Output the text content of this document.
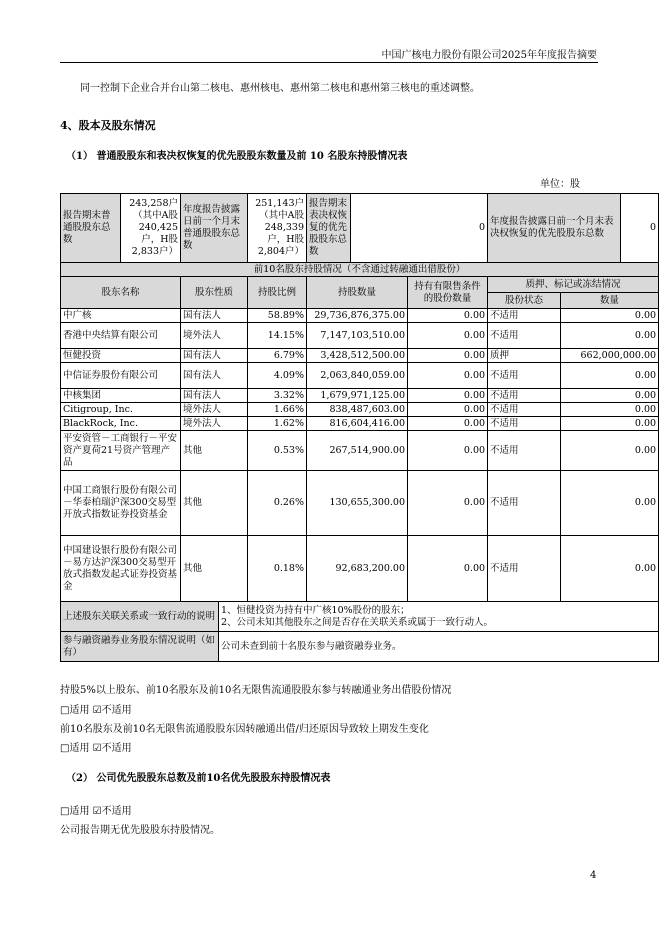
中国广核电力股份有限公司2025年年度报告摘要
同一控制下企业合并台山第二核电、惠州核电、惠州第二核电和惠州第三核电的重述调整。
4、股本及股东情况
（1） 普通股股东和表决权恢复的优先股股东数量及前 10 名股东持股情况表
单位：股
报告期末普通股股东总数	243,258户（其中A股240,425户，H股2,833户）	年度报告披露日前一个月末普通股股东总数		251,143户（其中A股248,339户，H股2,804户）	报告期末表决权恢复的优先股股东总数	0		年度报告披露日前一个月末表决权恢复的优先股股东总数		0
前10名股东持股情况（不含通过转融通出借股份）										
股东名称		股东性质		持股比例	持股数量		持有有限售条件的股份数量	质押、标记或冻结情况		
								股份状态	数量	
中广核		国有法人		58.89%	29,736,876,375.00		0.00	不适用	0.00	
香港中央结算有限公司		境外法人		14.15%	7,147,103,510.00		0.00	不适用	0.00	
恒健投资		国有法人		6.79%	3,428,512,500.00		0.00	质押	662,000,000.00	
中信证券股份有限公司		国有法人		4.09%	2,063,840,059.00		0.00	不适用	0.00	
中核集团		国有法人		3.32%	1,679,971,125.00		0.00	不适用	0.00	
Citigroup, Inc.		境外法人		1.66%	838,487,603.00		0.00	不适用	0.00	
BlackRock, Inc.		境外法人		1.62%	816,604,416.00		0.00	不适用	0.00	
平安资管－工商银行－平安资产夏荷21号资产管理产品		其他		0.53%	267,514,900.00		0.00	不适用	0.00	
中国工商银行股份有限公司－华泰柏瑞沪深300交易型开放式指数证券投资基金		其他		0.26%	130,655,300.00		0.00	不适用	0.00	
中国建设银行股份有限公司－易方达沪深300交易型开放式指数发起式证券投资基金		其他		0.18%	92,683,200.00		0.00	不适用	0.00	
上述股东关联关系或一致行动的说明			1、恒健投资为持有中广核10%股份的股东；
2、公司未知其他股东之间是否存在关联关系或属于一致行动人。							

参与融资融券业务股东情况说明（如有）			公司未查到前十名股东参与融资融券业务。							
持股5%以上股东、前10名股东及前10名无限售流通股股东参与转融通业务出借股份情况
□适用 ☑不适用
前10名股东及前10名无限售流通股股东因转融通出借/归还原因导致较上期发生变化
□适用 ☑不适用
（2） 公司优先股股东总数及前10名优先股股东持股情况表
□适用 ☑不适用
公司报告期无优先股股东持股情况。
4
